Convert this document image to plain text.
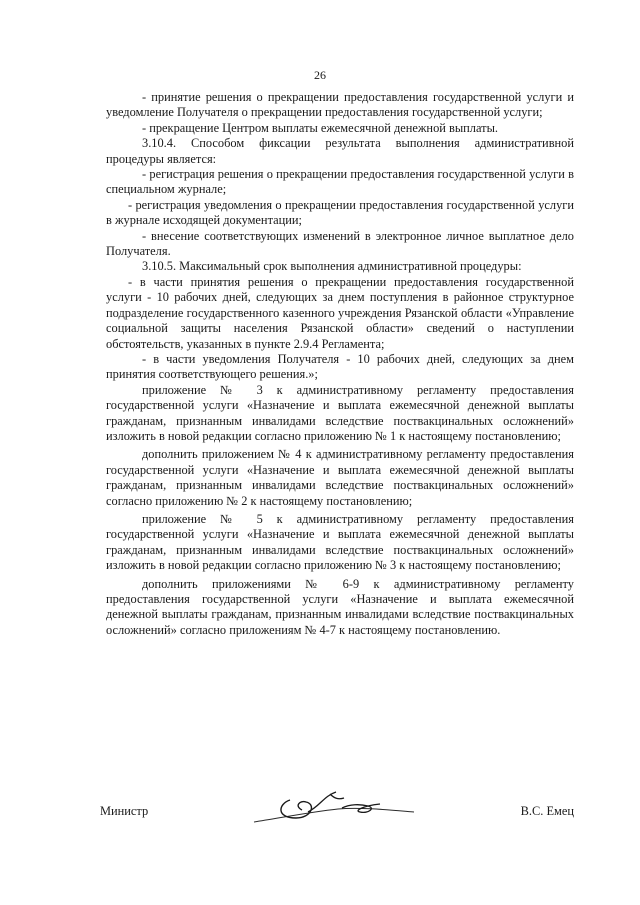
26

- принятие решения о прекращении предоставления государственной услуги и уведомление Получателя о прекращении предоставления государственной услуги;

- прекращение Центром выплаты ежемесячной денежной выплаты.

3.10.4. Способом фиксации результата выполнения административной процедуры является:

- регистрация решения о прекращении предоставления государственной услуги в специальном журнале;

- регистрация уведомления о прекращении предоставления государственной услуги в журнале исходящей документации;

- внесение соответствующих изменений в электронное личное выплатное дело Получателя.

3.10.5. Максимальный срок выполнения административной процедуры:

- в части принятия решения о прекращении предоставления государственной услуги - 10 рабочих дней, следующих за днем поступления в районное структурное подразделение государственного казенного учреждения Рязанской области «Управление социальной защиты населения Рязанской области» сведений о наступлении обстоятельств, указанных в пункте 2.9.4 Регламента;

- в части уведомления Получателя - 10 рабочих дней, следующих за днем принятия соответствующего решения.»;

приложение № 3 к административному регламенту предоставления государственной услуги «Назначение и выплата ежемесячной денежной выплаты гражданам, признанным инвалидами вследствие поствакцинальных осложнений» изложить в новой редакции согласно приложению № 1 к настоящему постановлению;

дополнить приложением № 4 к административному регламенту предоставления государственной услуги «Назначение и выплата ежемесячной денежной выплаты гражданам, признанным инвалидами вследствие поствакцинальных осложнений» согласно приложению № 2 к настоящему постановлению;

приложение № 5 к административному регламенту предоставления государственной услуги «Назначение и выплата ежемесячной денежной выплаты гражданам, признанным инвалидами вследствие поствакцинальных осложнений» изложить в новой редакции согласно приложению № 3 к настоящему постановлению;

дополнить приложениями № 6-9 к административному регламенту предоставления государственной услуги «Назначение и выплата ежемесячной денежной выплаты гражданам, признанным инвалидами вследствие поствакцинальных осложнений» согласно приложениям № 4-7 к настоящему постановлению.

Министр	В.С. Емец
